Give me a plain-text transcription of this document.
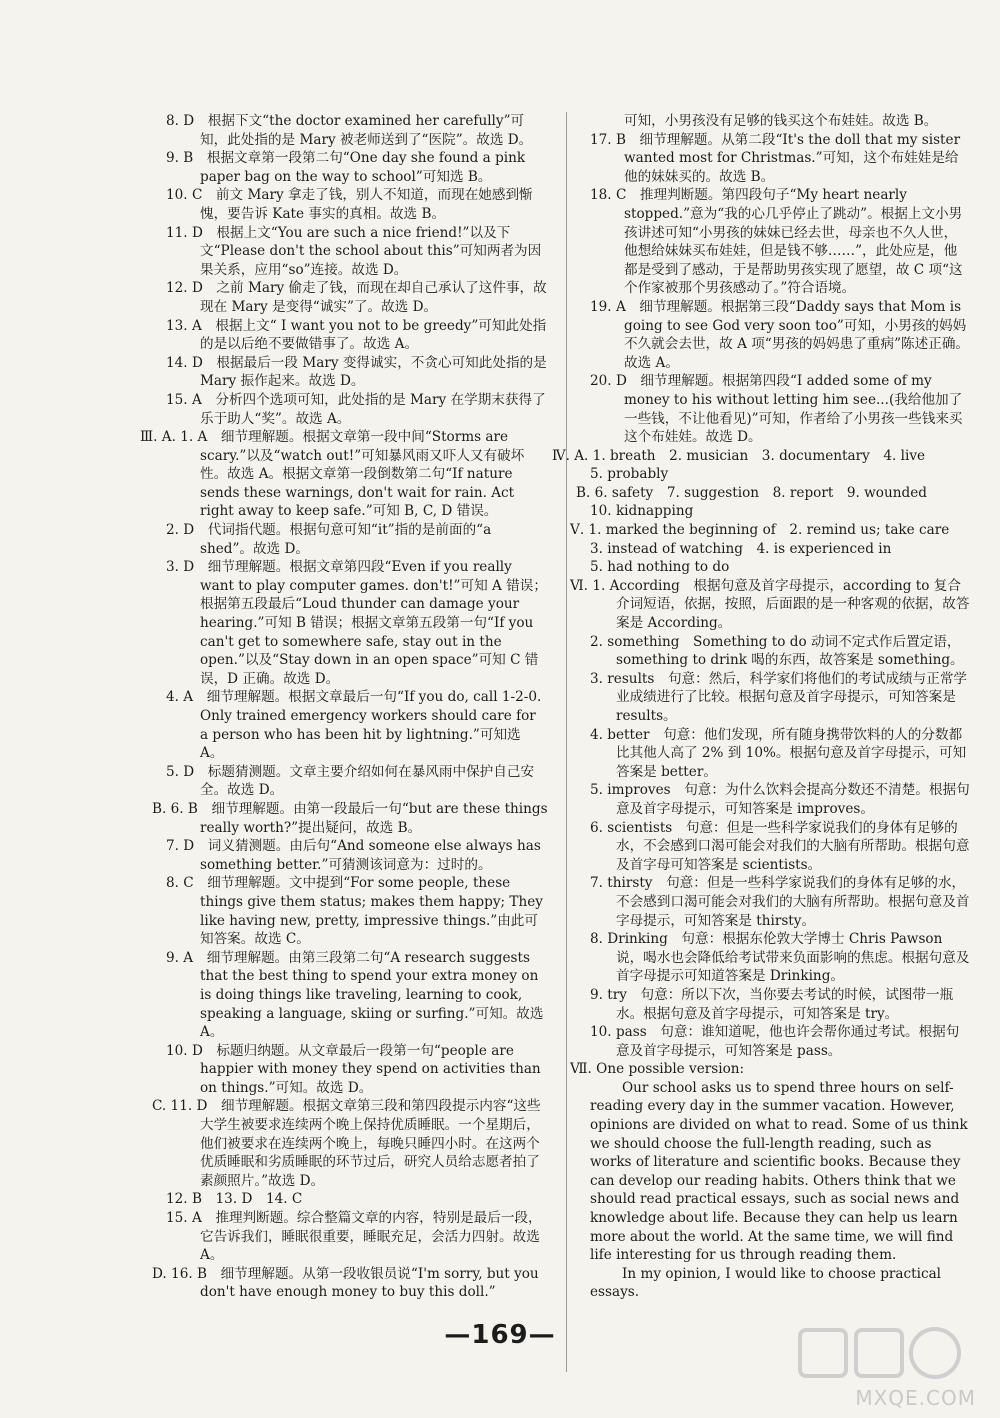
8. D　根据下文“the doctor examined her carefully”可知，此处指的是 Mary 被老师送到了“医院”。故选 D。
9. B　根据文章第一段第二句“One day she found a pink paper bag on the way to school”可知选 B。
10. C　前文 Mary 拿走了钱，别人不知道，而现在她感到惭愧，要告诉 Kate 事实的真相。故选 B。
11. D　根据上文“You are such a nice friend!”以及下文“Please don't the school about this”可知两者为因果关系，应用“so”连接。故选 D。
12. D　之前 Mary 偷走了钱，而现在却自己承认了这件事，故现在 Mary 是变得“诚实”了。故选 D。
13. A　根据上文“ I want you not to be greedy”可知此处指的是以后绝不要做错事了。故选 A。
14. D　根据最后一段 Mary 变得诚实，不贪心可知此处指的是 Mary 振作起来。故选 D。
15. A　分析四个选项可知，此处指的是 Mary 在学期末获得了乐于助人“奖”。故选 A。
Ⅲ. A. 1. A　细节理解题。根据文章第一段中间“Storms are scary.”以及“watch out!”可知暴风雨又吓人又有破坏性。故选 A。根据文章第一段倒数第二句“If nature sends these warnings, don't wait for rain. Act right away to keep safe.”可知 B, C, D 错误。
2. D　代词指代题。根据句意可知“it”指的是前面的“a shed”。故选 D。
3. D　细节理解题。根据文章第四段“Even if you really want to play computer games. don't!”可知 A 错误；根据第五段最后“Loud thunder can damage your hearing.”可知 B 错误；根据文章第五段第一句“If you can't get to somewhere safe, stay out in the open.”以及“Stay down in an open space”可知 C 错误，D 正确。故选 D。
4. A　细节理解题。根据文章最后一句“If you do, call 1-2-0. Only trained emergency workers should care for a person who has been hit by lightning.”可知选 A。
5. D　标题猜测题。文章主要介绍如何在暴风雨中保护自己安全。故选 D。
B. 6. B　细节理解题。由第一段最后一句“but are these things really worth?”提出疑问，故选 B。
7. D　词义猜测题。由后句“And someone else always has something better.”可猜测该词意为：过时的。
8. C　细节理解题。文中提到“For some people, these things give them status; makes them happy; They like having new, pretty, impressive things.”由此可知答案。故选 C。
9. A　细节理解题。由第三段第二句“A research suggests that the best thing to spend your extra money on is doing things like traveling, learning to cook, speaking a language, skiing or surfing.”可知。故选 A。
10. D　标题归纳题。从文章最后一段第一句“people are happier with money they spend on activities than on things.”可知。故选 D。
C. 11. D　细节理解题。根据文章第三段和第四段提示内容“这些大学生被要求连续两个晚上保持优质睡眠。一个星期后，他们被要求在连续两个晚上，每晚只睡四小时。在这两个优质睡眠和劣质睡眠的环节过后，研究人员给志愿者拍了素颜照片。”故选 D。
12. B　13. D　14. C
15. A　推理判断题。综合整篇文章的内容，特别是最后一段，它告诉我们，睡眠很重要，睡眠充足，会活力四射。故选 A。
D. 16. B　细节理解题。从第一段收银员说“I'm sorry, but you don't have enough money to buy this doll.”
可知，小男孩没有足够的钱买这个布娃娃。故选 B。
17. B　细节理解题。从第二段“It's the doll that my sister wanted most for Christmas.”可知，这个布娃娃是给他的妹妹买的。故选 B。
18. C　推理判断题。第四段句子“My heart nearly stopped.”意为“我的心几乎停止了跳动”。根据上文小男孩讲述可知“小男孩的妹妹已经去世，母亲也不久人世，他想给妹妹买布娃娃，但是钱不够……”，此处应是，他都是受到了感动，于是帮助男孩实现了愿望，故 C 项“这个作家被那个男孩感动了。”符合语境。
19. A　细节理解题。根据第三段“Daddy says that Mom is going to see God very soon too”可知，小男孩的妈妈不久就会去世，故 A 项“男孩的妈妈患了重病”陈述正确。故选 A。
20. D　细节理解题。根据第四段“I added some of my money to his without letting him see...(我给他加了一些钱，不让他看见)”可知，作者给了小男孩一些钱来买这个布娃娃。故选 D。
Ⅳ. A. 1. breath　2. musician　3. documentary　4. live
5. probably
B. 6. safety　7. suggestion　8. report　9. wounded
10. kidnapping
Ⅴ. 1. marked the beginning of　2. remind us; take care
3. instead of watching　4. is experienced in
5. had nothing to do
Ⅵ. 1. According　根据句意及首字母提示，according to 复合介词短语，依据，按照，后面跟的是一种客观的依据，故答案是 According。
2. something　Something to do 动词不定式作后置定语，something to drink 喝的东西，故答案是 something。
3. results　句意：然后，科学家们将他们的考试成绩与正常学业成绩进行了比较。根据句意及首字母提示，可知答案是 results。
4. better　句意：他们发现，所有随身携带饮料的人的分数都比其他人高了 2% 到 10%。根据句意及首字母提示，可知答案是 better。
5. improves　句意：为什么饮料会提高分数还不清楚。根据句意及首字母提示，可知答案是 improves。
6. scientists　句意：但是一些科学家说我们的身体有足够的水，不会感到口渴可能会对我们的大脑有所帮助。根据句意及首字母可知答案是 scientists。
7. thirsty　句意：但是一些科学家说我们的身体有足够的水，不会感到口渴可能会对我们的大脑有所帮助。根据句意及首字母提示，可知答案是 thirsty。
8. Drinking　句意：根据东伦敦大学博士 Chris Pawson 说，喝水也会降低给考试带来负面影响的焦虑。根据句意及首字母提示可知道答案是 Drinking。
9. try　句意：所以下次，当你要去考试的时候，试图带一瓶水。根据句意及首字母提示，可知答案是 try。
10. pass　句意：谁知道呢，他也许会帮你通过考试。根据句意及首字母提示，可知答案是 pass。
Ⅶ. One possible version:

Our school asks us to spend three hours on self-reading every day in the summer vacation. However, opinions are divided on what to read. Some of us think we should choose the full-length reading, such as works of literature and scientific books. Because they can develop our reading habits. Others think that we should read practical essays, such as social news and knowledge about life. Because they can help us learn more about the world. At the same time, we will find life interesting for us through reading them.

In my opinion, I would like to choose practical essays.

—169—
MXQE.COM
